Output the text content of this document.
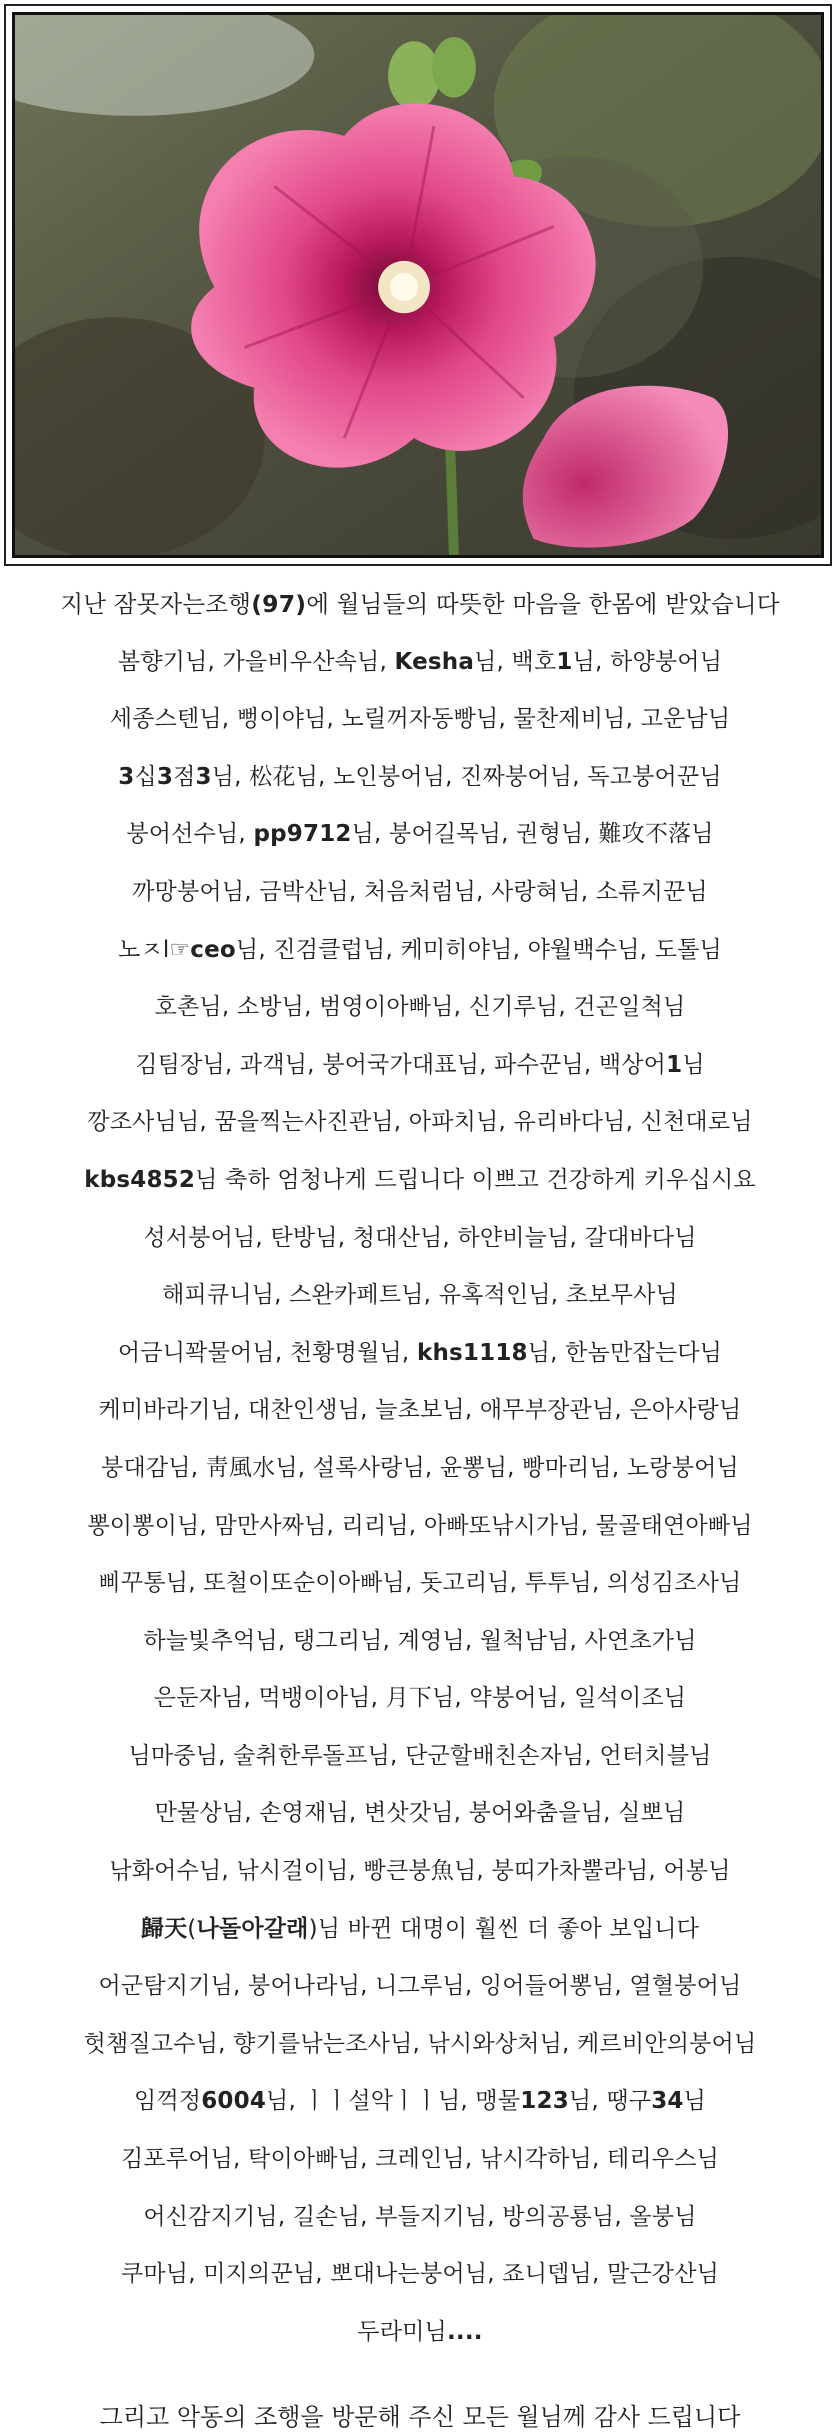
지난 잠못자는조행(97)에 월님들의 따뜻한 마음을 한몸에 받았습니다
봄향기님, 가을비우산속님, Kesha님, 백호1님, 하양붕어님
세종스텐님, 뻥이야님, 노릴꺼자동빵님, 물찬제비님, 고운남님
3십3점3님, 松花님, 노인붕어님, 진짜붕어님, 독고붕어꾼님
붕어선수님, pp9712님, 붕어길목님, 권형님, 難攻不落님
까망붕어님, 금박산님, 처음처럼님, 사랑혀님, 소류지꾼님
노ㅈl☞ceo님, 진검클럽님, 케미히야님, 야월백수님, 도톨님
호촌님, 소방님, 범영이아빠님, 신기루님, 건곤일척님
김팀장님, 과객님, 붕어국가대표님, 파수꾼님, 백상어1님
깡조사님님, 꿈을찍는사진관님, 아파치님, 유리바다님, 신천대로님
kbs4852님 축하 엄청나게 드립니다 이쁘고 건강하게 키우십시요
성서붕어님, 탄방님, 청대산님, 하얀비늘님, 갈대바다님
해피큐니님, 스완카페트님, 유혹적인님, 초보무사님
어금니꽉물어님, 천황명월님, khs1118님, 한놈만잡는다님
케미바라기님, 대찬인생님, 늘초보님, 애무부장관님, 은아사랑님
붕대감님, 靑風水님, 설록사랑님, 윤뽕님, 빵마리님, 노랑붕어님
뽕이뽕이님, 맘만사짜님, 리리님, 아빠또낚시가님, 물골태연아빠님
삐꾸통님, 또철이또순이아빠님, 돗고리님, 투투님, 의성김조사님
하늘빛추억님, 탱그리님, 계영님, 월척남님, 사연초가님
은둔자님, 먹뱅이아님, 月下님, 약붕어님, 일석이조님
님마중님, 술취한루돌프님, 단군할배친손자님, 언터치블님
만물상님, 손영재님, 변삿갓님, 붕어와춤을님, 실뽀님
낚화어수님, 낚시걸이님, 빵큰붕魚님, 붕띠가차뿔라님, 어봉님
歸天(나돌아갈래)님 바뀐 대명이 훨씬 더 좋아 보입니다
어군탐지기님, 붕어나라님, 니그루님, 잉어들어뽕님, 열혈붕어님
헛챔질고수님, 향기를낚는조사님, 낚시와상처님, 케르비안의붕어님
임꺽정6004님, ㅣㅣ설악ㅣㅣ님, 맹물123님, 땡구34님
김포루어님, 탁이아빠님, 크레인님, 낚시각하님, 테리우스님
어신감지기님, 길손님, 부들지기님, 방의공룡님, 올붕님
쿠마님, 미지의꾼님, 뽀대나는붕어님, 죠니뎁님, 말근강산님
두라미님....
그리고 악동의 조행을 방문해 주신 모든 월님께 감사 드립니다
